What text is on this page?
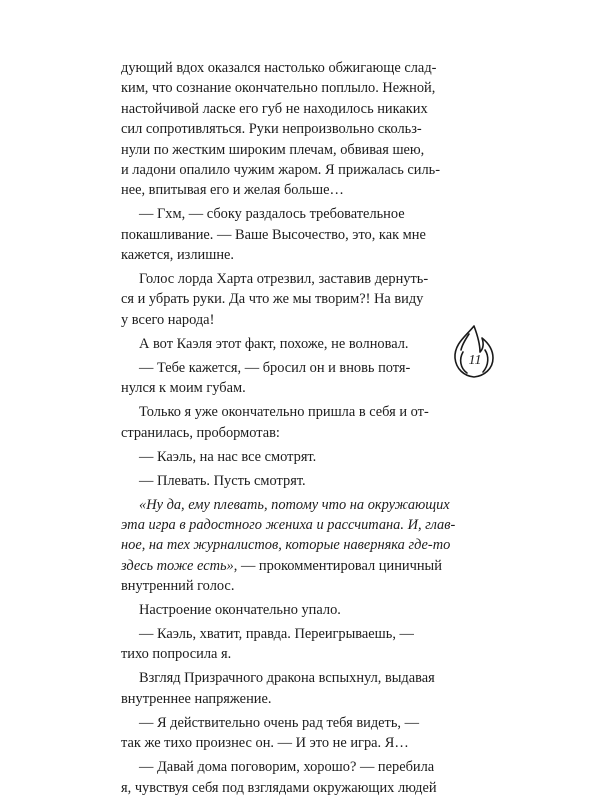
дующий вдох оказался настолько обжигающе слад-
ким, что сознание окончательно поплыло. Нежной,
настойчивой ласке его губ не находилось никаких
сил сопротивляться. Руки непроизвольно скольз-
нули по жестким широким плечам, обвивая шею,
и ладони опалило чужим жаром. Я прижалась силь-
нее, впитывая его и желая больше…
— Гхм, — сбоку раздалось требовательное
покашливание. — Ваше Высочество, это, как мне
кажется, излишне.
Голос лорда Харта отрезвил, заставив дернуть-
ся и убрать руки. Да что же мы творим?! На виду
у всего народа!
А вот Каэля этот факт, похоже, не волновал.
— Тебе кажется, — бросил он и вновь потя-
нулся к моим губам.
Только я уже окончательно пришла в себя и от-
странилась, пробормотав:
— Каэль, на нас все смотрят.
— Плевать. Пусть смотрят.
«Ну да, ему плевать, потому что на окружающих
эта игра в радостного жениха и рассчитана. И, глав-
ное, на тех журналистов, которые наверняка где-то
здесь тоже есть», — прокомментировал циничный
внутренний голос.
Настроение окончательно упало.
— Каэль, хватит, правда. Переигрываешь, —
тихо попросила я.
Взгляд Призрачного дракона вспыхнул, выдавая
внутреннее напряжение.
— Я действительно очень рад тебя видеть, —
так же тихо произнес он. — И это не игра. Я…
— Давай дома поговорим, хорошо? — перебила
я, чувствуя себя под взглядами окружающих людей
11
